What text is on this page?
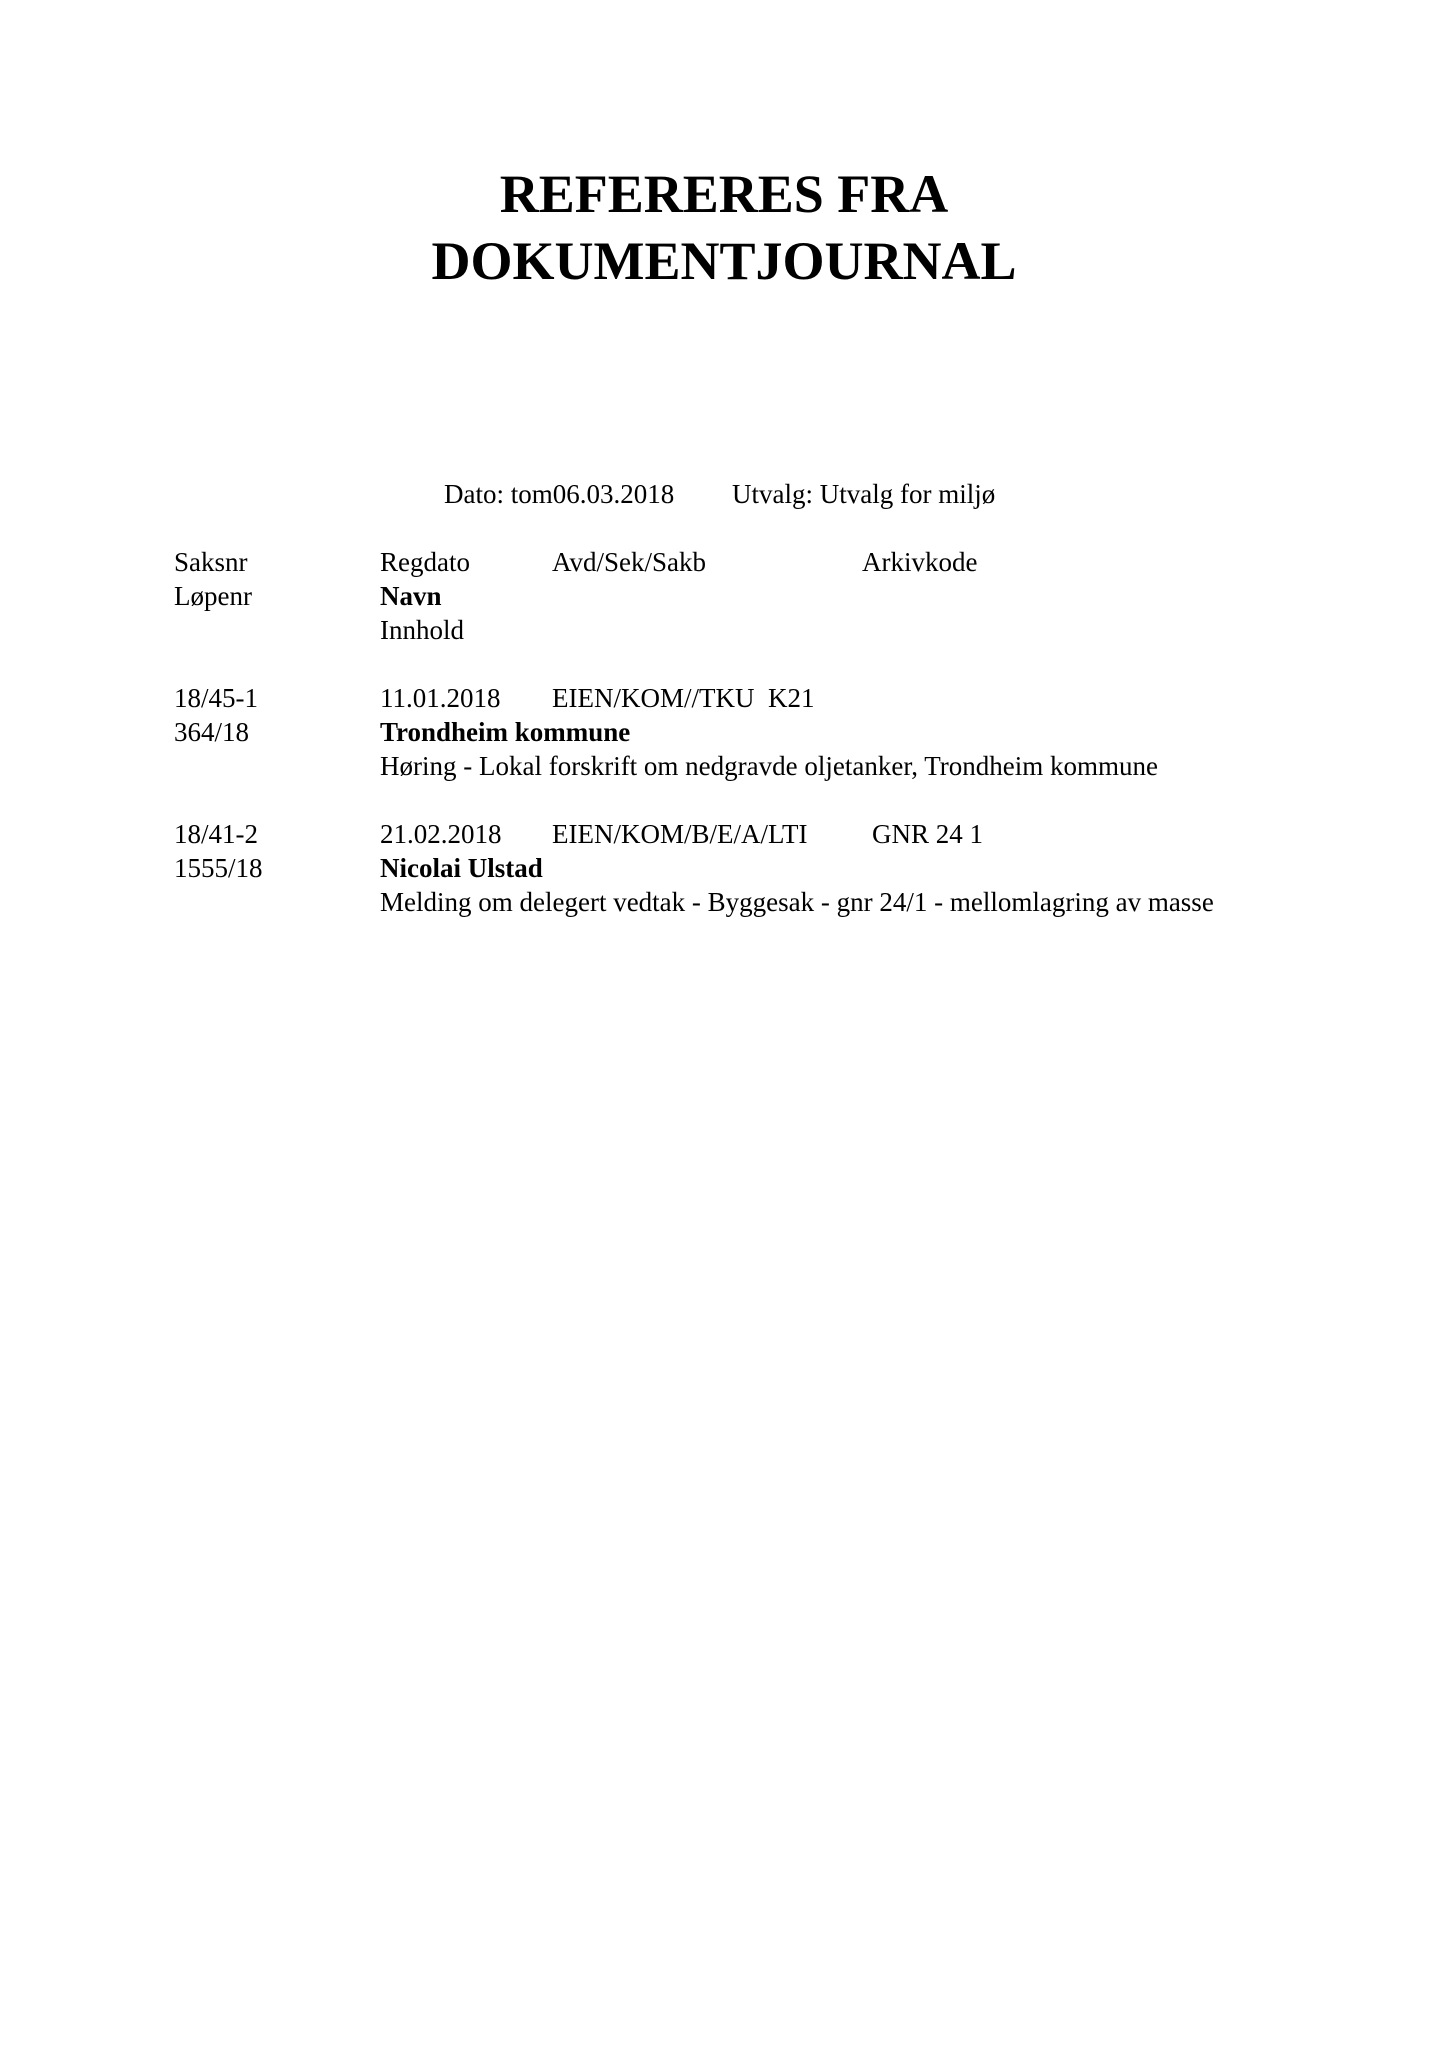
REFERERES FRA
DOKUMENTJOURNAL
Dato: tom06.03.2018 Utvalg: Utvalg for miljø
Saksnr	Regdato	Avd/Sek/Sakb	Arkivkode
Løpenr	Navn
Innhold
18/45-1	11.01.2018 EIEN/KOM//TKU K21
364/18	Trondheim kommune
Høring - Lokal forskrift om nedgravde oljetanker, Trondheim kommune
18/41-2	21.02.2018 EIEN/KOM/B/E/A/LTI GNR 24 1
1555/18	Nicolai Ulstad
Melding om delegert vedtak - Byggesak - gnr 24/1 - mellomlagring av masse
